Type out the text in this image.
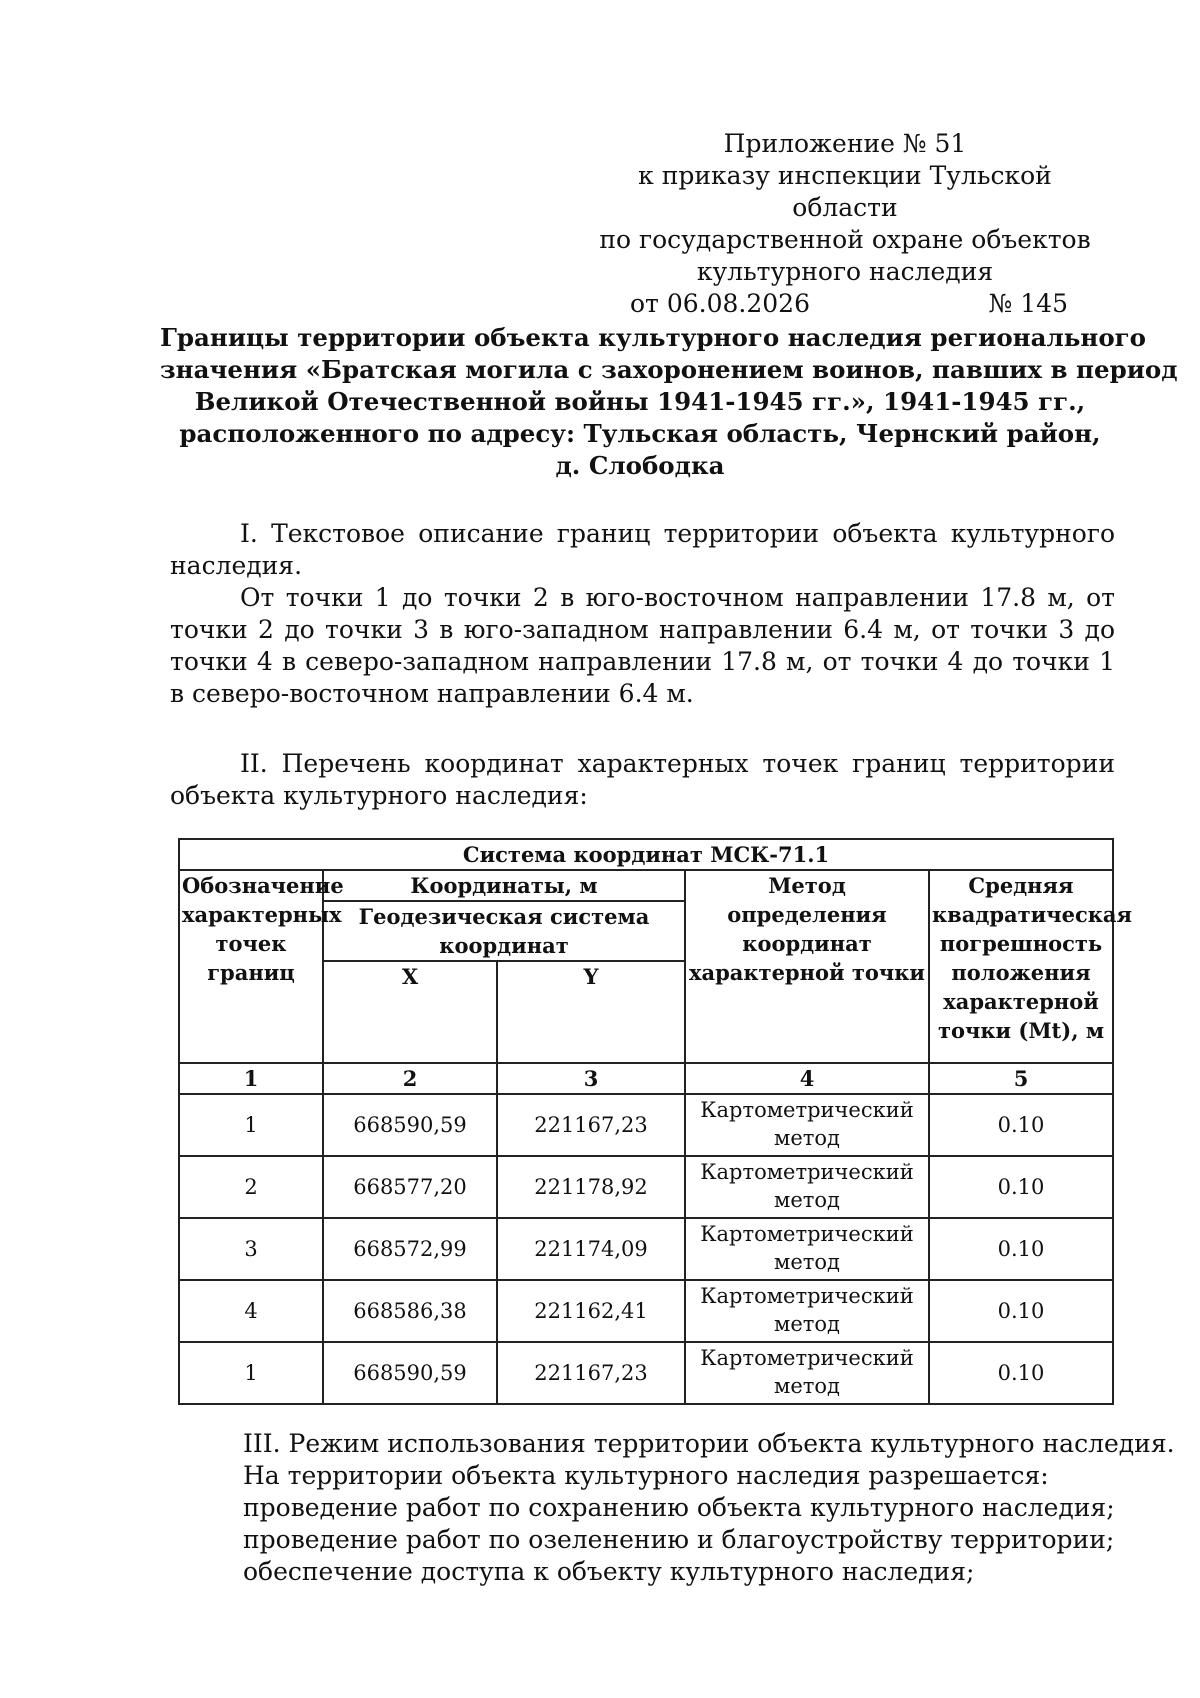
Приложение № 51
к приказу инспекции Тульской области
по государственной охране объектов
культурного наследия
от 06.08.2026	№ 145
Границы территории объекта культурного наследия регионального
значения «Братская могила с захоронением воинов, павших в период
Великой Отечественной войны 1941-1945 гг.», 1941-1945 гг.,
расположенного по адресу: Тульская область, Чернский район,
д. Слободка

I. Текстовое описание границ территории объекта культурного наследия.

От точки 1 до точки 2 в юго-восточном направлении 17.8 м, от точки 2 до точки 3 в юго-западном направлении 6.4 м, от точки 3 до точки 4 в северо-западном направлении 17.8 м, от точки 4 до точки 1 в северо-восточном направлении 6.4 м.

II. Перечень координат характерных точек границ территории объекта культурного наследия:

Система координат МСК-71.1				
Обозначение характерных точек границ	Координаты, м		Метод определения координат характерной точки	Средняя квадратическая погрешность положения характерной точки (Mt), м
	Геодезическая система координат			
	X	Y		
1	2	3	4	5
1	668590,59	221167,23	Картометрический метод	0.10
2	668577,20	221178,92	Картометрический метод	0.10
3	668572,99	221174,09	Картометрический метод	0.10
4	668586,38	221162,41	Картометрический метод	0.10
1	668590,59	221167,23	Картометрический метод	0.10
III. Режим использования территории объекта культурного наследия.
На территории объекта культурного наследия разрешается:
проведение работ по сохранению объекта культурного наследия;
проведение работ по озеленению и благоустройству территории;
обеспечение доступа к объекту культурного наследия;
